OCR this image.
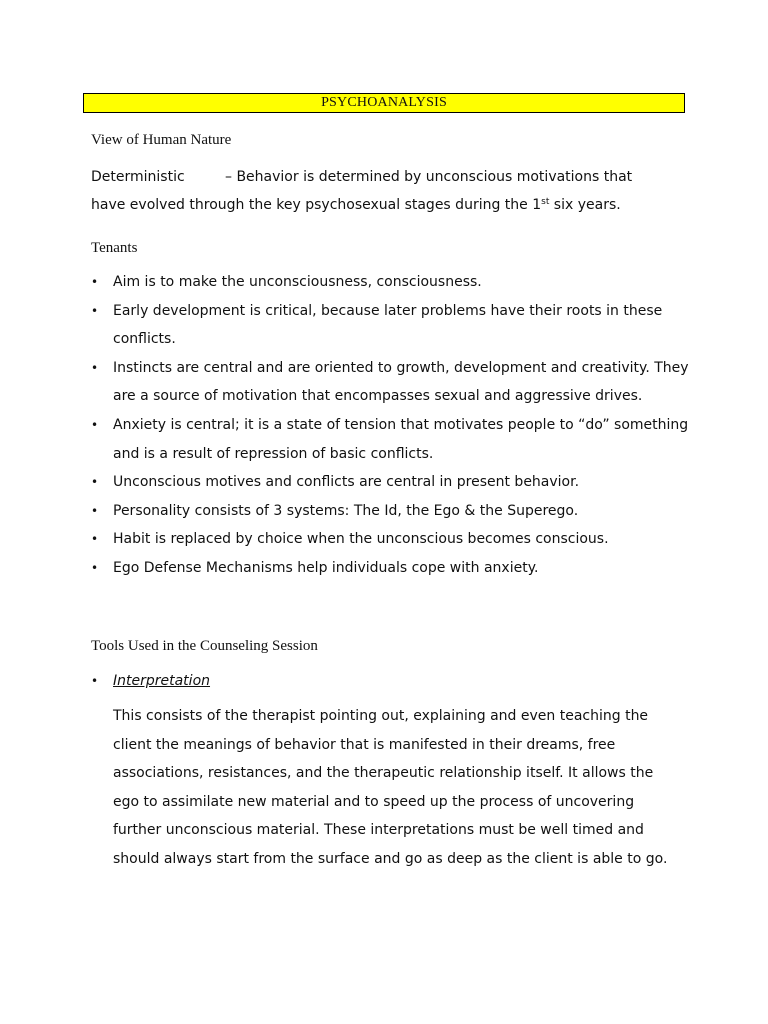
PSYCHOANALYSIS
View of Human Nature
Deterministic	– Behavior is determined by unconscious motivations that
have evolved through the key psychosexual stages during the 1st six years.
Tenants
• Aim is to make the unconsciousness, consciousness.
• Early development is critical, because later problems have their roots in these conflicts.
• Instincts are central and are oriented to growth, development and creativity. They are a source of motivation that encompasses sexual and aggressive drives.
• Anxiety is central; it is a state of tension that motivates people to “do” something and is a result of repression of basic conflicts.
• Unconscious motives and conflicts are central in present behavior.
• Personality consists of 3 systems: The Id, the Ego & the Superego.
• Habit is replaced by choice when the unconscious becomes conscious.
• Ego Defense Mechanisms help individuals cope with anxiety.
Tools Used in the Counseling Session
• Interpretation

This consists of the therapist pointing out, explaining and even teaching the client the meanings of behavior that is manifested in their dreams, free associations, resistances, and the therapeutic relationship itself. It allows the ego to assimilate new material and to speed up the process of uncovering further unconscious material. These interpretations must be well timed and should always start from the surface and go as deep as the client is able to go.
